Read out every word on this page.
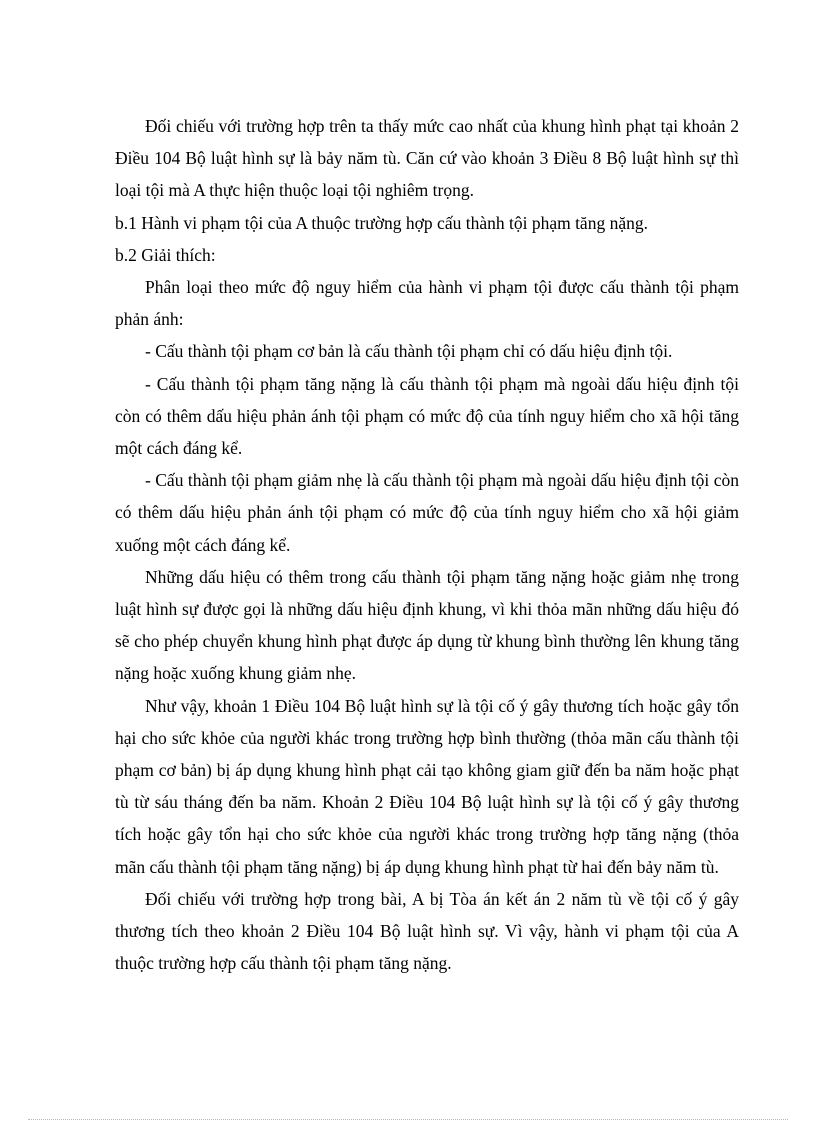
Đối chiếu với trường hợp trên ta thấy mức cao nhất của khung hình phạt tại khoản 2 Điều 104 Bộ luật hình sự là bảy năm tù. Căn cứ vào khoản 3 Điều 8 Bộ luật hình sự thì loại tội mà A thực hiện thuộc loại tội nghiêm trọng.

b.1 Hành vi phạm tội của A thuộc trường hợp cấu thành tội phạm tăng nặng.

b.2 Giải thích:

Phân loại theo mức độ nguy hiểm của hành vi phạm tội được cấu thành tội phạm phản ánh:

- Cấu thành tội phạm cơ bản là cấu thành tội phạm chỉ có dấu hiệu định tội.

- Cấu thành tội phạm tăng nặng là cấu thành tội phạm mà ngoài dấu hiệu định tội còn có thêm dấu hiệu phản ánh tội phạm có mức độ của tính nguy hiểm cho xã hội tăng một cách đáng kể.

- Cấu thành tội phạm giảm nhẹ là cấu thành tội phạm mà ngoài dấu hiệu định tội còn có thêm dấu hiệu phản ánh tội phạm có mức độ của tính nguy hiểm cho xã hội giảm xuống một cách đáng kể.

Những dấu hiệu có thêm trong cấu thành tội phạm tăng nặng hoặc giảm nhẹ trong luật hình sự được gọi là những dấu hiệu định khung, vì khi thỏa mãn những dấu hiệu đó sẽ cho phép chuyển khung hình phạt được áp dụng từ khung bình thường lên khung tăng nặng hoặc xuống khung giảm nhẹ.

Như vậy, khoản 1 Điều 104 Bộ luật hình sự là tội cố ý gây thương tích hoặc gây tổn hại cho sức khỏe của người khác trong trường hợp bình thường (thỏa mãn cấu thành tội phạm cơ bản) bị áp dụng khung hình phạt cải tạo không giam giữ đến ba năm hoặc phạt tù từ sáu tháng đến ba năm. Khoản 2 Điều 104 Bộ luật hình sự là tội cố ý gây thương tích hoặc gây tổn hại cho sức khỏe của người khác trong trường hợp tăng nặng (thỏa mãn cấu thành tội phạm tăng nặng) bị áp dụng khung hình phạt từ hai đến bảy năm tù.

Đối chiếu với trường hợp trong bài, A bị Tòa án kết án 2 năm tù về tội cố ý gây thương tích theo khoản 2 Điều 104 Bộ luật hình sự. Vì vậy, hành vi phạm tội của A thuộc trường hợp cấu thành tội phạm tăng nặng.
